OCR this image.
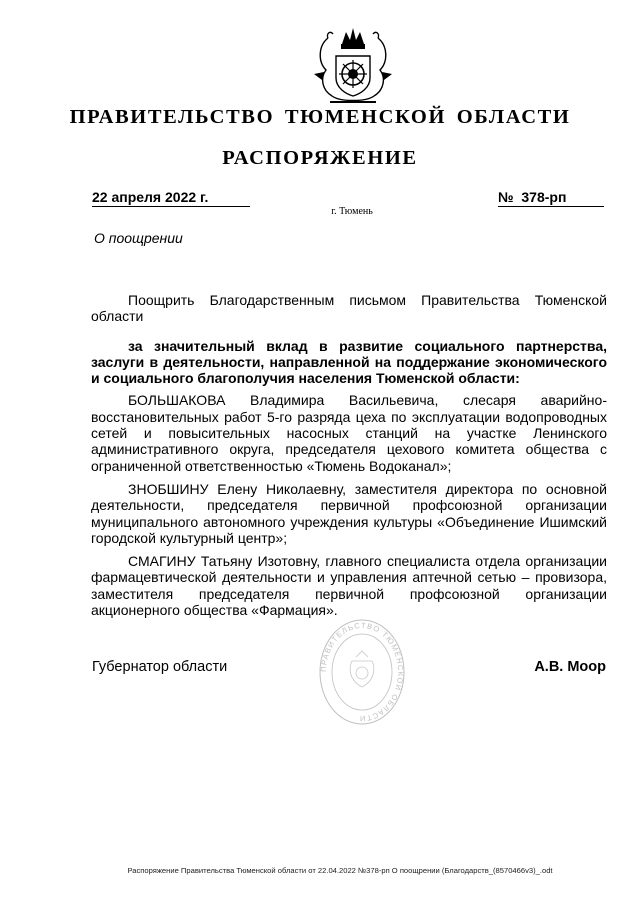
ПРАВИТЕЛЬСТВО ТЮМЕНСКОЙ ОБЛАСТИ
РАСПОРЯЖЕНИЕ
22 апреля 2022 г.	№ 378-рп
г. Тюмень
О поощрении

Поощрить Благодарственным письмом Правительства Тюменской области

за значительный вклад в развитие социального партнерства, заслуги в деятельности, направленной на поддержание экономического и социального благополучия населения Тюменской области:

БОЛЬШАКОВА Владимира Васильевича, слесаря аварийно-восстановительных работ 5-го разряда цеха по эксплуатации водопроводных сетей и повысительных насосных станций на участке Ленинского административного округа, председателя цехового комитета общества с ограниченной ответственностью «Тюмень Водоканал»;

ЗНОБШИНУ Елену Николаевну, заместителя директора по основной деятельности, председателя первичной профсоюзной организации муниципального автономного учреждения культуры «Объединение Ишимский городской культурный центр»;

СМАГИНУ Татьяну Изотовну, главного специалиста отдела организации фармацевтической деятельности и управления аптечной сетью – провизора, заместителя председателя первичной профсоюзной организации акционерного общества «Фармация».

ПРАВИТЕЛЬСТВО ТЮМЕНСКОЙ ОБЛАСТИ
Губернатор области	А.В. Моор
Распоряжение Правительства Тюменской области от 22.04.2022 №378-рп О поощрении (Благодарств_(8570466v3)_.odt
